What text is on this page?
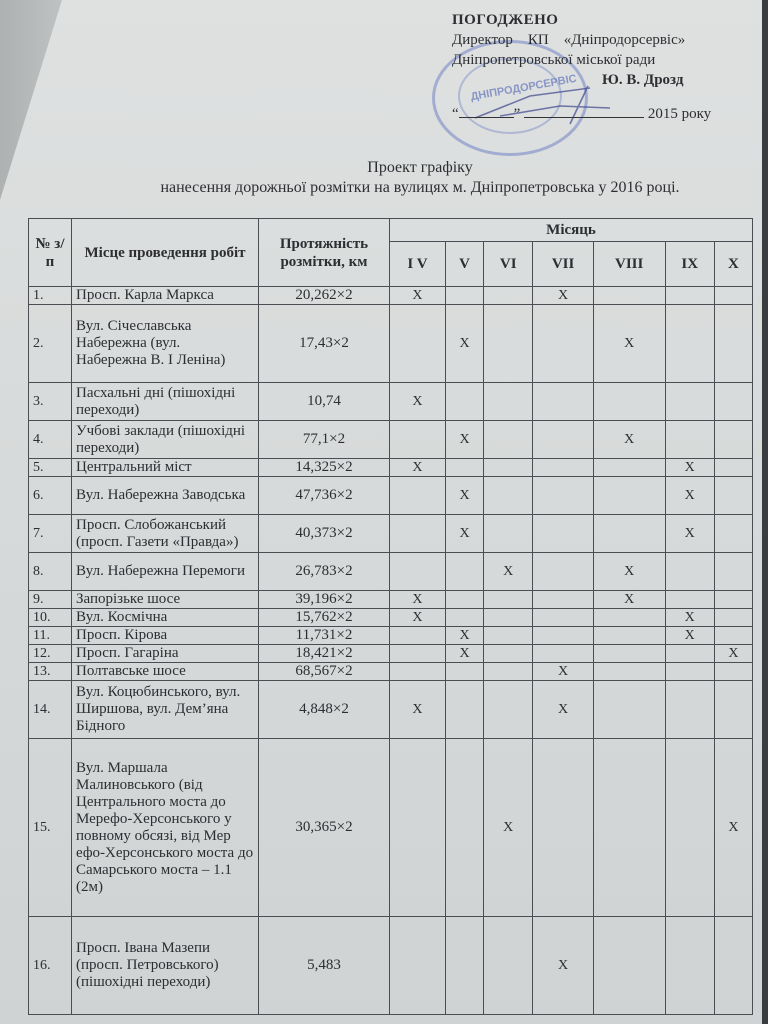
ДНІПРОДОРСЕРВІС
ПОГОДЖЕНО
Директор    КП    «Дніпродорсервіс»
Дніпропетровської міської ради
Ю. В. Дрозд
“	”	2015 року
Проект графіку
нанесення дорожньої розмітки на вулицях м. Дніпропетровська у 2016 році.
№ з/п	Місце проведення робіт	Протяжність розмітки, км	Місяць						
			I V	V	VI	VII	VIII	IX	X
1.	Просп. Карла Маркса	20,262×2	X			X			
2.	Вул. Січеславська Набережна (вул. Набережна В. І Леніна)	17,43×2		X			X		
3.	Пасхальні дні (пішохідні переходи)	10,74	X						
4.	Учбові заклади (пішохідні переходи)	77,1×2		X			X		
5.	Центральний міст	14,325×2	X					X	
6.	Вул. Набережна Заводська	47,736×2		X				X	
7.	Просп. Слобожанський (просп. Газети «Правда»)	40,373×2		X				X	
8.	Вул. Набережна Перемоги	26,783×2			X		X		
9.	Запорізьке шосе	39,196×2	X				X		
10.	Вул. Космічна	15,762×2	X					X	
11.	Просп. Кірова	11,731×2		X				X	
12.	Просп. Гагаріна	18,421×2		X					X
13.	Полтавське шосе	68,567×2				X			
14.	Вул. Коцюбинського, вул. Ширшова, вул. Дем’яна Бідного	4,848×2	X			X			
15.	Вул. Маршала Малиновського (від Центрального моста до Мерефо-Херсонського у повному обсязі, від Мер ефо-Херсонського моста до Самарського моста – 1.1 (2м)	30,365×2			X				X
16.	Просп. Івана Мазепи (просп. Петровського) (пішохідні переходи)	5,483				X			
